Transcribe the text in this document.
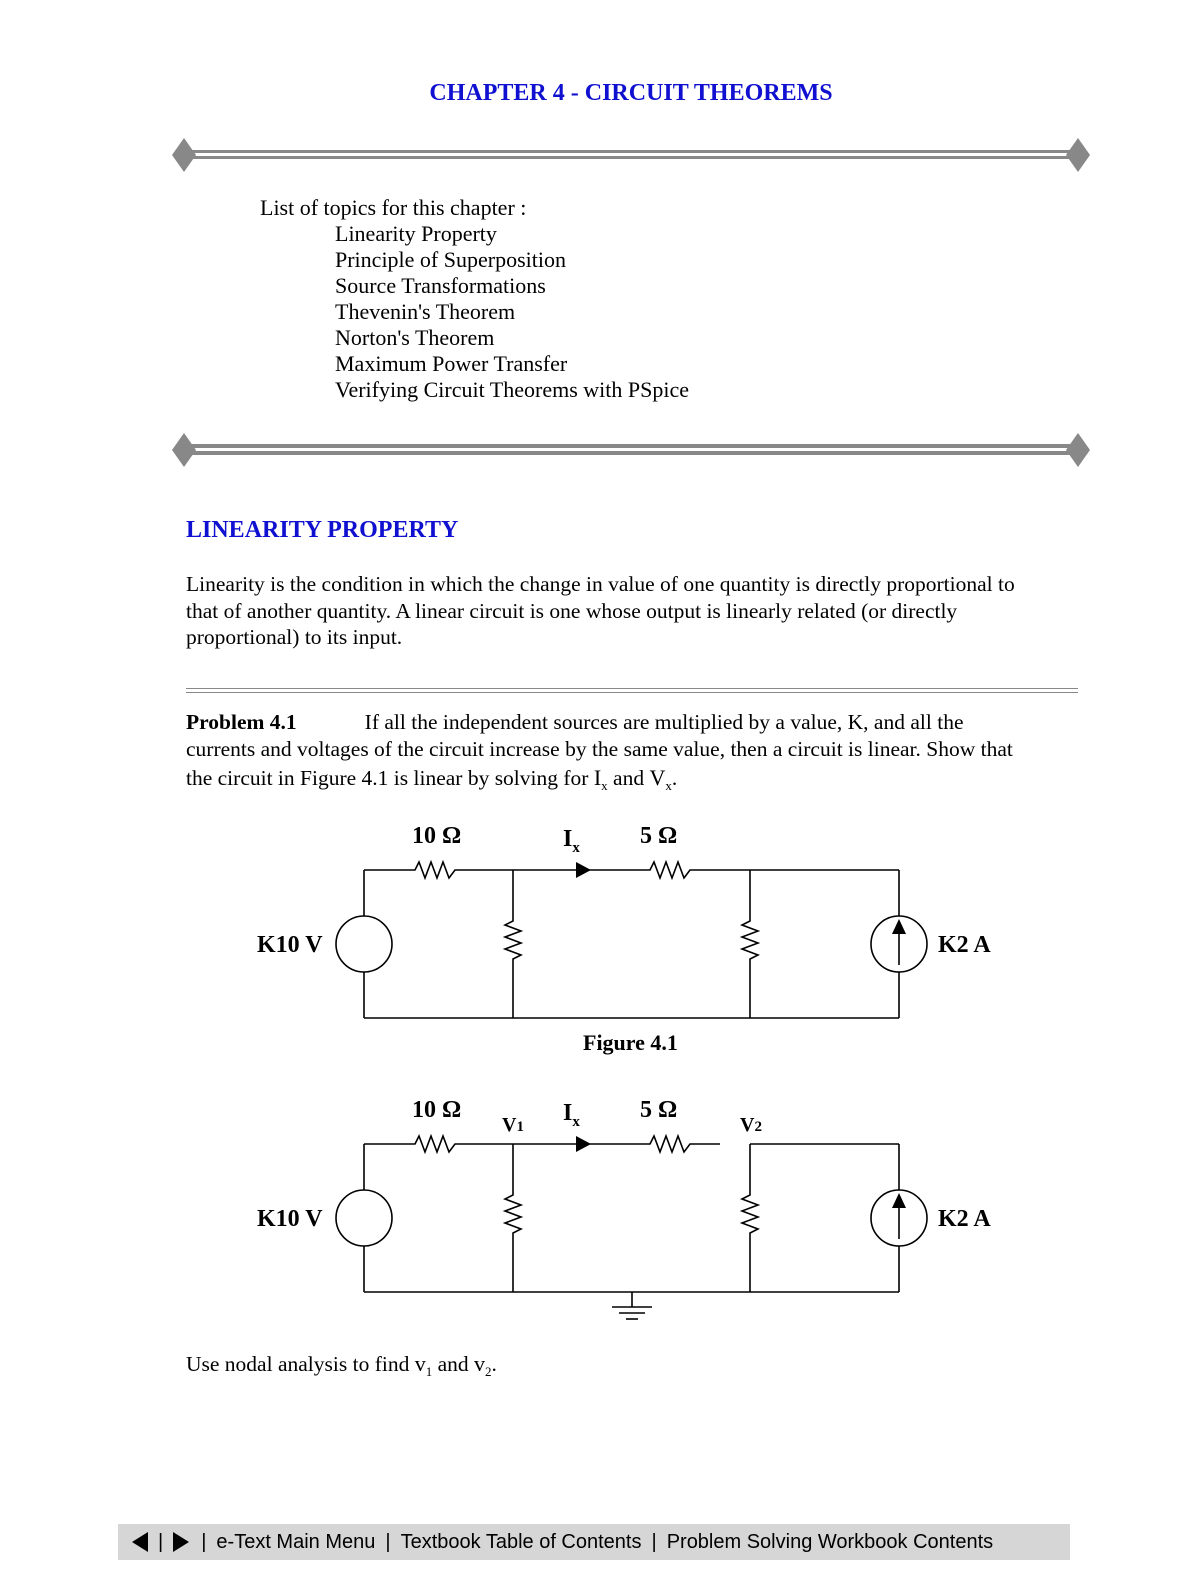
CHAPTER 4 - CIRCUIT THEOREMS
List of topics for this chapter :
Linearity Property
Principle of Superposition
Source Transformations
Thevenin's Theorem
Norton's Theorem
Maximum Power Transfer
Verifying Circuit Theorems with PSpice
LINEARITY PROPERTY
Linearity is the condition in which the change in value of one quantity is directly proportional to
that of another quantity. A linear circuit is one whose output is linearly related (or directly
proportional) to its input.
Problem 4.1	If all the independent sources are multiplied by a value, K, and all the
currents and voltages of the circuit increase by the same value, then a circuit is linear. Show that
the circuit in Figure 4.1 is linear by solving for $I_x$ and $V_x$.
10 Ω	5 Ω
$I_x$
K10 V	K2 A
Figure 4.1
10 Ω	5 Ω
$I_x$
V1	V2
K10 V	K2 A
Use nodal analysis to find $v_1$ and $v_2$.
|	| e-Text Main Menu | Textbook Table of Contents | Problem Solving Workbook Contents
